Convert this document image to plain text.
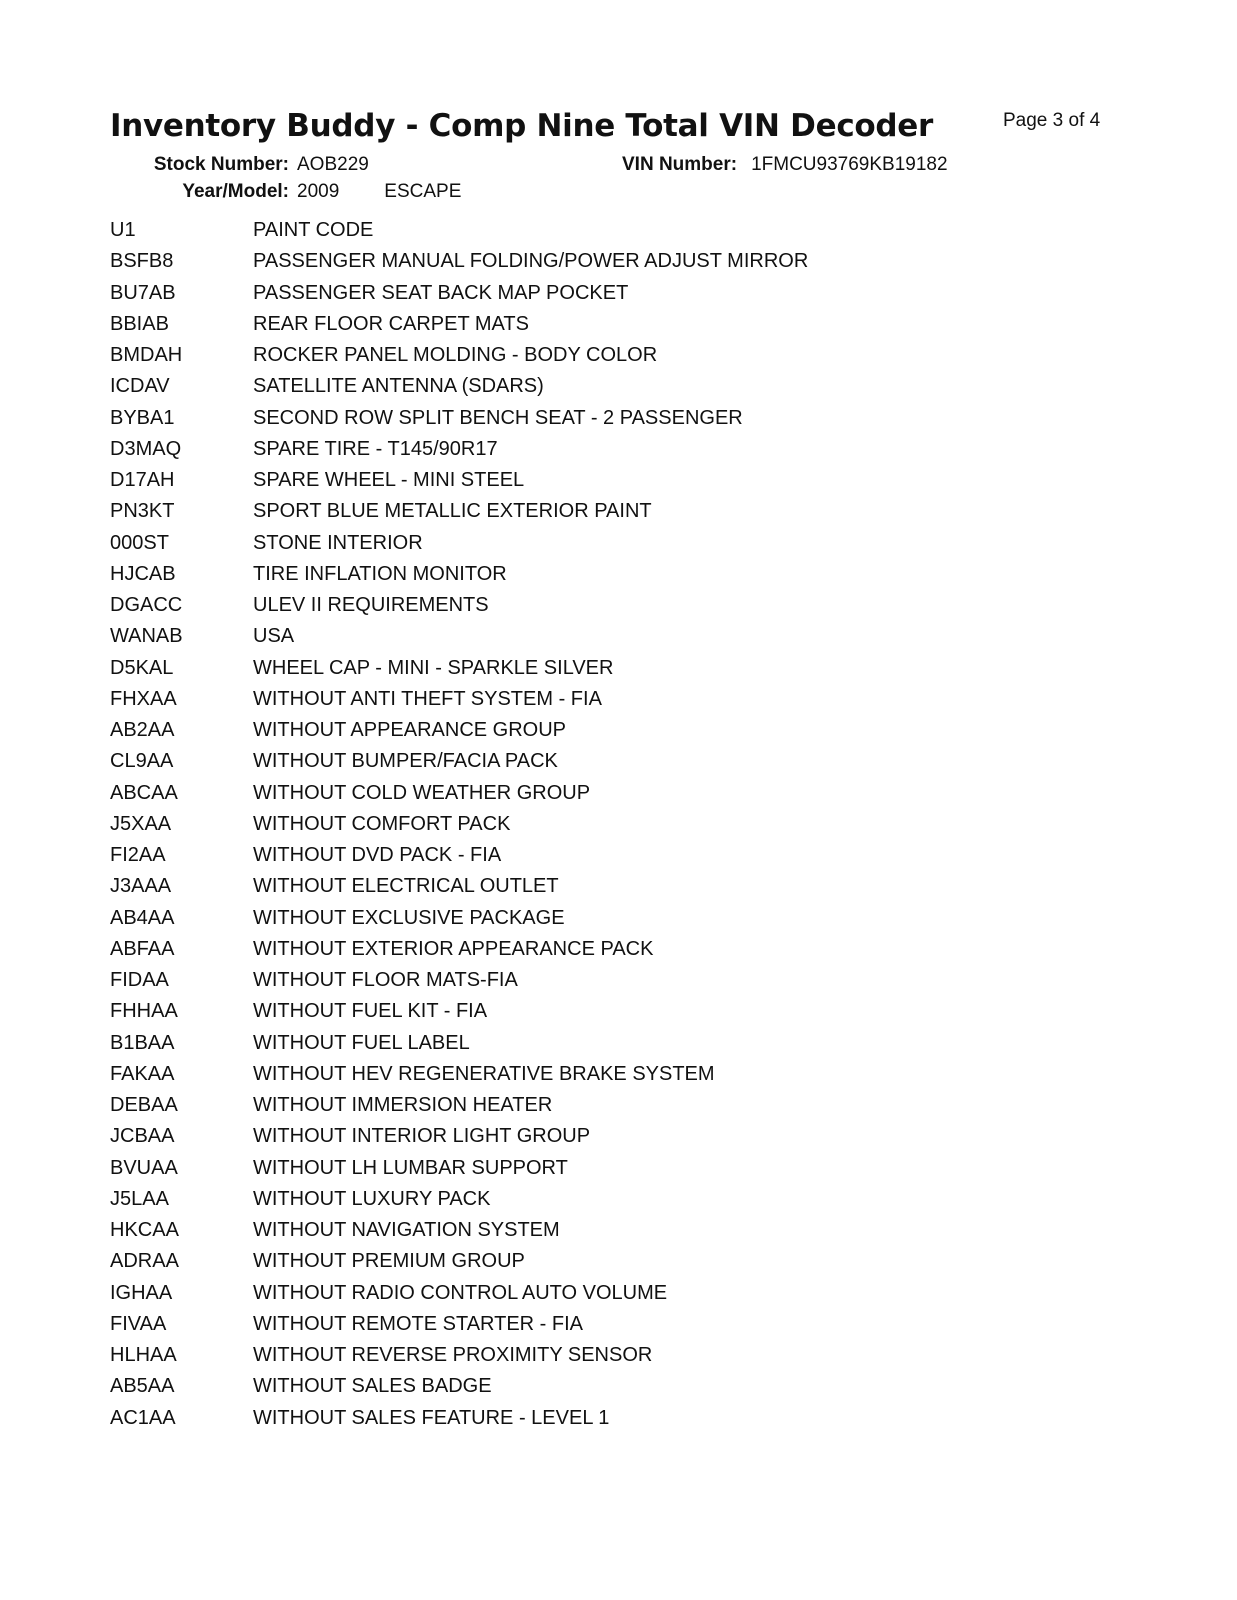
Inventory Buddy - Comp Nine Total VIN Decoder	Page 3 of 4
Stock Number: AOB229
Year/Model: 2009 ESCAPE
VIN Number: 1FMCU93769KB19182
U1	PAINT CODE
BSFB8	PASSENGER MANUAL FOLDING/POWER ADJUST MIRROR
BU7AB	PASSENGER SEAT BACK MAP POCKET
BBIAB	REAR FLOOR CARPET MATS
BMDAH	ROCKER PANEL MOLDING - BODY COLOR
ICDAV	SATELLITE ANTENNA (SDARS)
BYBA1	SECOND ROW SPLIT BENCH SEAT - 2 PASSENGER
D3MAQ	SPARE TIRE - T145/90R17
D17AH	SPARE WHEEL - MINI STEEL
PN3KT	SPORT BLUE METALLIC EXTERIOR PAINT
000ST	STONE INTERIOR
HJCAB	TIRE INFLATION MONITOR
DGACC	ULEV II REQUIREMENTS
WANAB	USA
D5KAL	WHEEL CAP - MINI - SPARKLE SILVER
FHXAA	WITHOUT ANTI THEFT SYSTEM - FIA
AB2AA	WITHOUT APPEARANCE GROUP
CL9AA	WITHOUT BUMPER/FACIA PACK
ABCAA	WITHOUT COLD WEATHER GROUP
J5XAA	WITHOUT COMFORT PACK
FI2AA	WITHOUT DVD PACK - FIA
J3AAA	WITHOUT ELECTRICAL OUTLET
AB4AA	WITHOUT EXCLUSIVE PACKAGE
ABFAA	WITHOUT EXTERIOR APPEARANCE PACK
FIDAA	WITHOUT FLOOR MATS-FIA
FHHAA	WITHOUT FUEL KIT - FIA
B1BAA	WITHOUT FUEL LABEL
FAKAA	WITHOUT HEV REGENERATIVE BRAKE SYSTEM
DEBAA	WITHOUT IMMERSION HEATER
JCBAA	WITHOUT INTERIOR LIGHT GROUP
BVUAA	WITHOUT LH LUMBAR SUPPORT
J5LAA	WITHOUT LUXURY PACK
HKCAA	WITHOUT NAVIGATION SYSTEM
ADRAA	WITHOUT PREMIUM GROUP
IGHAA	WITHOUT RADIO CONTROL AUTO VOLUME
FIVAA	WITHOUT REMOTE STARTER - FIA
HLHAA	WITHOUT REVERSE PROXIMITY SENSOR
AB5AA	WITHOUT SALES BADGE
AC1AA	WITHOUT SALES FEATURE - LEVEL 1
